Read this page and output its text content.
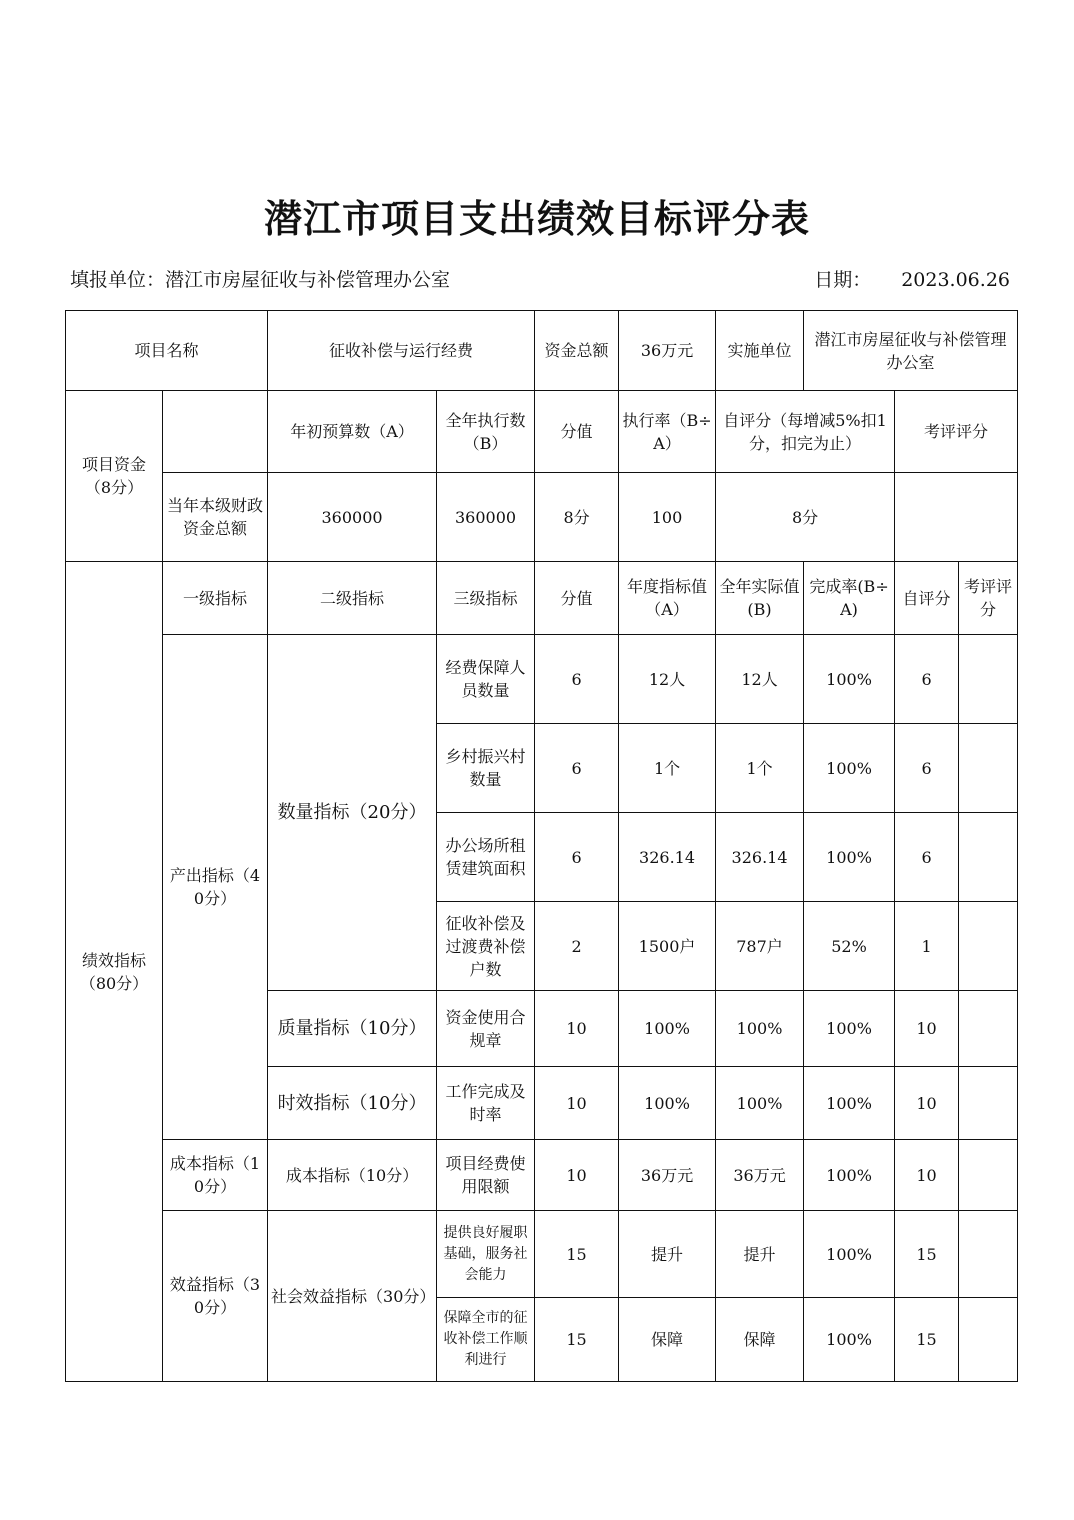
潜江市项目支出绩效目标评分表
填报单位：潜江市房屋征收与补偿管理办公室	日期： 2023.06.26
项目名称		征收补偿与运行经费		资金总额	36万元	实施单位	潜江市房屋征收与补偿管理办公室		
项目资金（8分）		年初预算数（A）	全年执行数（B）	分值	执行率（B÷A）	自评分（每增减5%扣1分，扣完为止）		考评评分	
	当年本级财政资金总额	360000	360000	8分	100	8分			
绩效指标（80分）	一级指标	二级指标	三级指标	分值	年度指标值（A）	全年实际值(B)	完成率(B÷A)	自评分	考评评分
	产出指标（40分）	数量指标（20分）	经费保障人员数量	6	12人	12人	100%	6	
			乡村振兴村数量	6	1个	1个	100%	6	
			办公场所租赁建筑面积	6	326.14	326.14	100%	6	
			征收补偿及过渡费补偿户数	2	1500户	787户	52%	1	
		质量指标（10分）	资金使用合规章	10	100%	100%	100%	10	
		时效指标（10分）	工作完成及时率	10	100%	100%	100%	10	
	成本指标（10分）	成本指标（10分）	项目经费使用限额	10	36万元	36万元	100%	10	
	效益指标（30分）	社会效益指标（30分）	提供良好履职基础，服务社会能力	15	提升	提升	100%	15	
			保障全市的征收补偿工作顺利进行	15	保障	保障	100%	15	
